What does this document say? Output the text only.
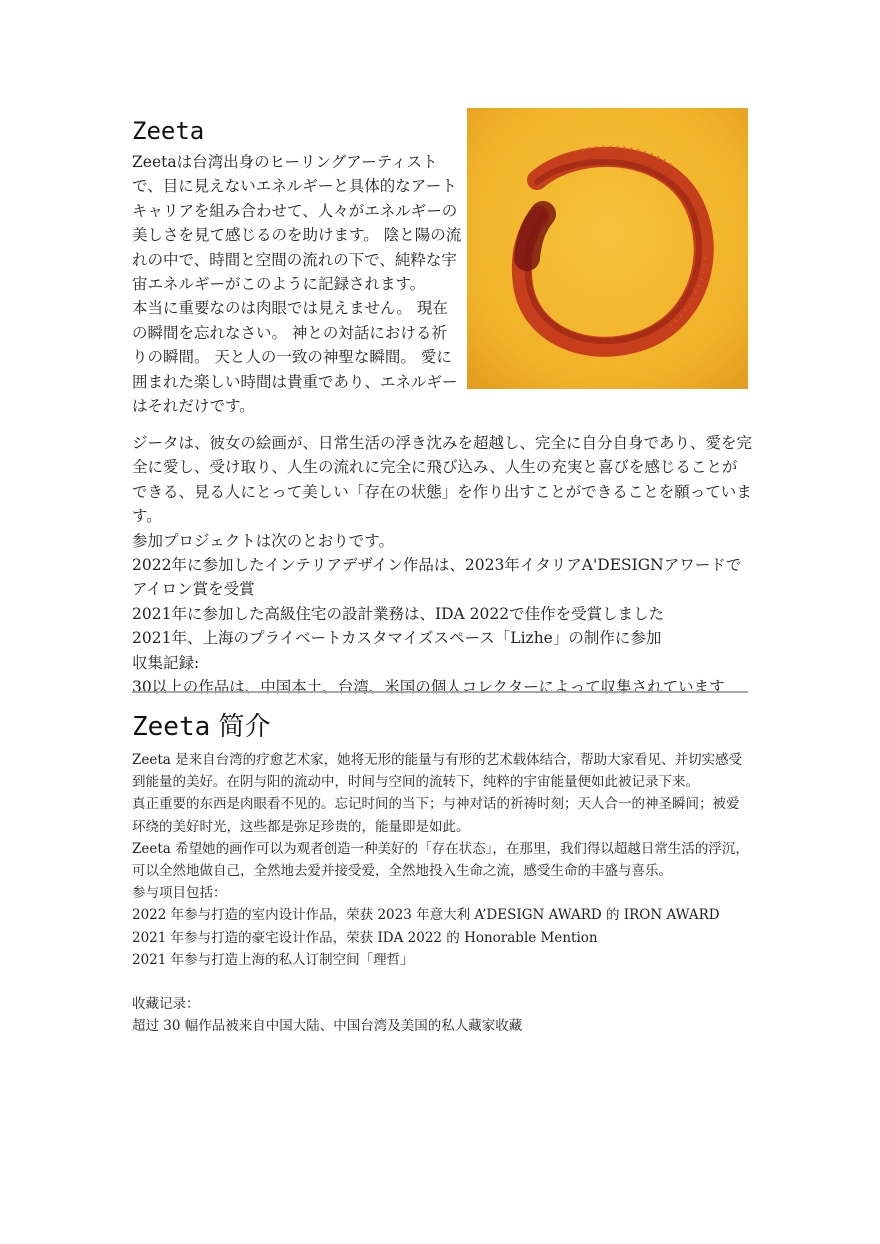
Zeeta

Zeetaは台湾出身のヒーリングアーティストで、目に見えないエネルギーと具体的なアートキャリアを組み合わせて、人々がエネルギーの美しさを見て感じるのを助けます。 陰と陽の流れの中で、時間と空間の流れの下で、純粋な宇宙エネルギーがこのように記録されます。

本当に重要なのは肉眼では見えません。 現在の瞬間を忘れなさい。 神との対話における祈りの瞬間。 天と人の一致の神聖な瞬間。 愛に囲まれた楽しい時間は貴重であり、エネルギーはそれだけです。

ジータは、彼女の絵画が、日常生活の浮き沈みを超越し、完全に自分自身であり、愛を完全に愛し、受け取り、人生の流れに完全に飛び込み、人生の充実と喜びを感じることができる、見る人にとって美しい「存在の状態」を作り出すことができることを願っています。

参加プロジェクトは次のとおりです。

2022年に参加したインテリアデザイン作品は、2023年イタリアA'DESIGNアワードでアイロン賞を受賞

2021年に参加した高級住宅の設計業務は、IDA 2022で佳作を受賞しました

2021年、上海のプライベートカスタマイズスペース「Lizhe」の制作に参加

収集記録:

30以上の作品は、中国本土、台湾、米国の個人コレクターによって収集されています

Zeeta 简介

Zeeta 是来自台湾的疗愈艺术家，她将无形的能量与有形的艺术载体结合，帮助大家看见、并切实感受到能量的美好。在阴与阳的流动中，时间与空间的流转下，纯粹的宇宙能量便如此被记录下来。

真正重要的东西是肉眼看不见的。忘记时间的当下；与神对话的祈祷时刻；天人合一的神圣瞬间；被爱环绕的美好时光，这些都是弥足珍贵的，能量即是如此。

Zeeta 希望她的画作可以为观者创造一种美好的「存在状态」，在那里，我们得以超越日常生活的浮沉，可以全然地做自己，全然地去爱并接受爱，全然地投入生命之流，感受生命的丰盛与喜乐。

参与项目包括：

2022 年参与打造的室内设计作品，荣获 2023 年意大利 A’DESIGN AWARD 的 IRON AWARD

2021 年参与打造的豪宅设计作品，荣获 IDA 2022 的 Honorable Mention

2021 年参与打造上海的私人订制空间「理哲」

收藏记录：

超过 30 幅作品被来自中国大陆、中国台湾及美国的私人藏家收藏
